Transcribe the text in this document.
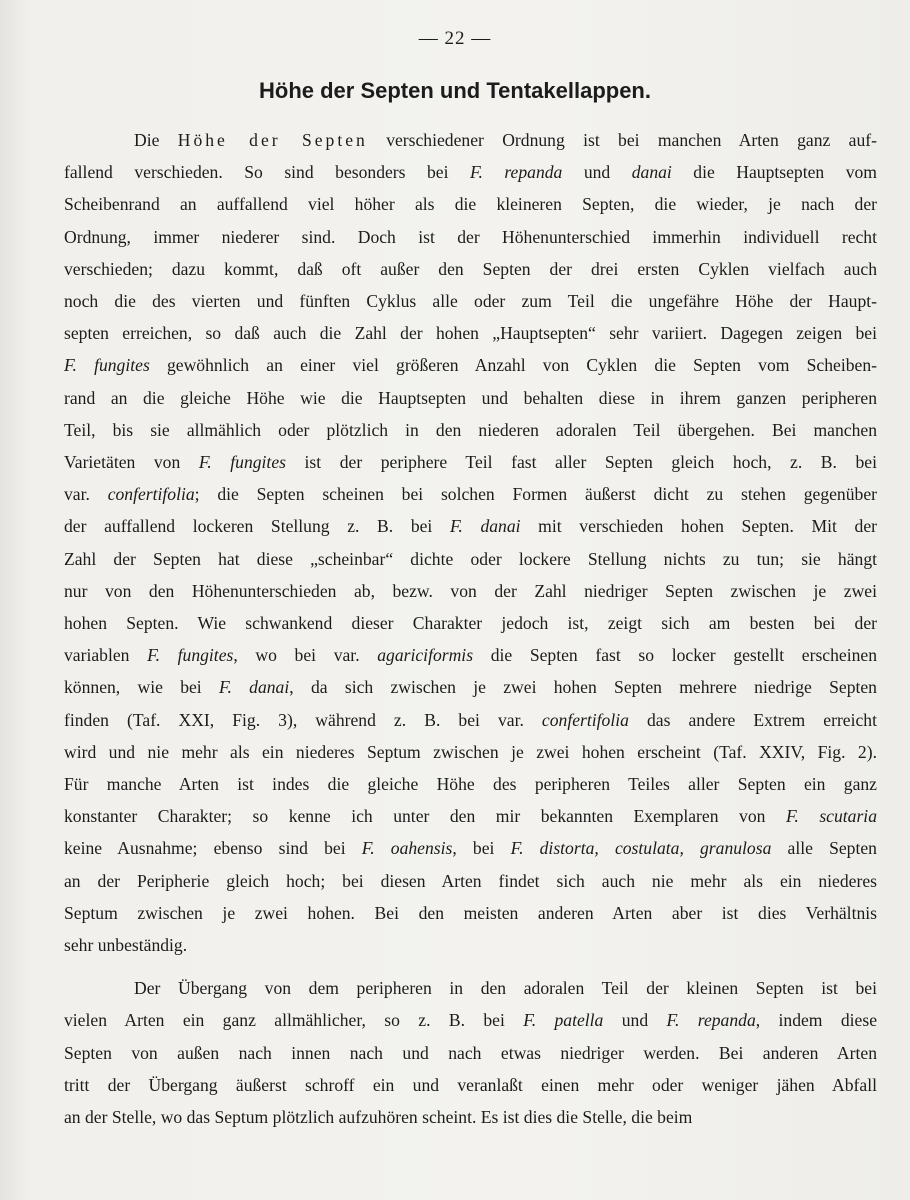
— 22 —
Höhe der Septen und Tentakellappen.

Die Höhe der Septen verschiedener Ordnung ist bei manchen Arten ganz auf-
fallend verschieden. So sind besonders bei F. repanda und danai die Hauptsepten vom
Scheibenrand an auffallend viel höher als die kleineren Septen, die wieder, je nach der
Ordnung, immer niederer sind. Doch ist der Höhenunterschied immerhin individuell recht
verschieden; dazu kommt, daß oft außer den Septen der drei ersten Cyklen vielfach auch
noch die des vierten und fünften Cyklus alle oder zum Teil die ungefähre Höhe der Haupt-
septen erreichen, so daß auch die Zahl der hohen „Hauptsepten“ sehr variiert. Dagegen zeigen bei
F. fungites gewöhnlich an einer viel größeren Anzahl von Cyklen die Septen vom Scheiben-
rand an die gleiche Höhe wie die Hauptsepten und behalten diese in ihrem ganzen peripheren
Teil, bis sie allmählich oder plötzlich in den niederen adoralen Teil übergehen. Bei manchen
Varietäten von F. fungites ist der periphere Teil fast aller Septen gleich hoch, z. B. bei
var. confertifolia; die Septen scheinen bei solchen Formen äußerst dicht zu stehen gegenüber
der auffallend lockeren Stellung z. B. bei F. danai mit verschieden hohen Septen. Mit der
Zahl der Septen hat diese „scheinbar“ dichte oder lockere Stellung nichts zu tun; sie hängt
nur von den Höhenunterschieden ab, bezw. von der Zahl niedriger Septen zwischen je zwei
hohen Septen. Wie schwankend dieser Charakter jedoch ist, zeigt sich am besten bei der
variablen F. fungites, wo bei var. agariciformis die Septen fast so locker gestellt erscheinen
können, wie bei F. danai, da sich zwischen je zwei hohen Septen mehrere niedrige Septen
finden (Taf. XXI, Fig. 3), während z. B. bei var. confertifolia das andere Extrem erreicht
wird und nie mehr als ein niederes Septum zwischen je zwei hohen erscheint (Taf. XXIV, Fig. 2).
Für manche Arten ist indes die gleiche Höhe des peripheren Teiles aller Septen ein ganz
konstanter Charakter; so kenne ich unter den mir bekannten Exemplaren von F. scutaria
keine Ausnahme; ebenso sind bei F. oahensis, bei F. distorta, costulata, granulosa alle Septen
an der Peripherie gleich hoch; bei diesen Arten findet sich auch nie mehr als ein niederes
Septum zwischen je zwei hohen. Bei den meisten anderen Arten aber ist dies Verhältnis
sehr unbeständig.

Der Übergang von dem peripheren in den adoralen Teil der kleinen Septen ist bei
vielen Arten ein ganz allmählicher, so z. B. bei F. patella und F. repanda, indem diese
Septen von außen nach innen nach und nach etwas niedriger werden. Bei anderen Arten
tritt der Übergang äußerst schroff ein und veranlaßt einen mehr oder weniger jähen Abfall
an der Stelle, wo das Septum plötzlich aufzuhören scheint. Es ist dies die Stelle, die beim
